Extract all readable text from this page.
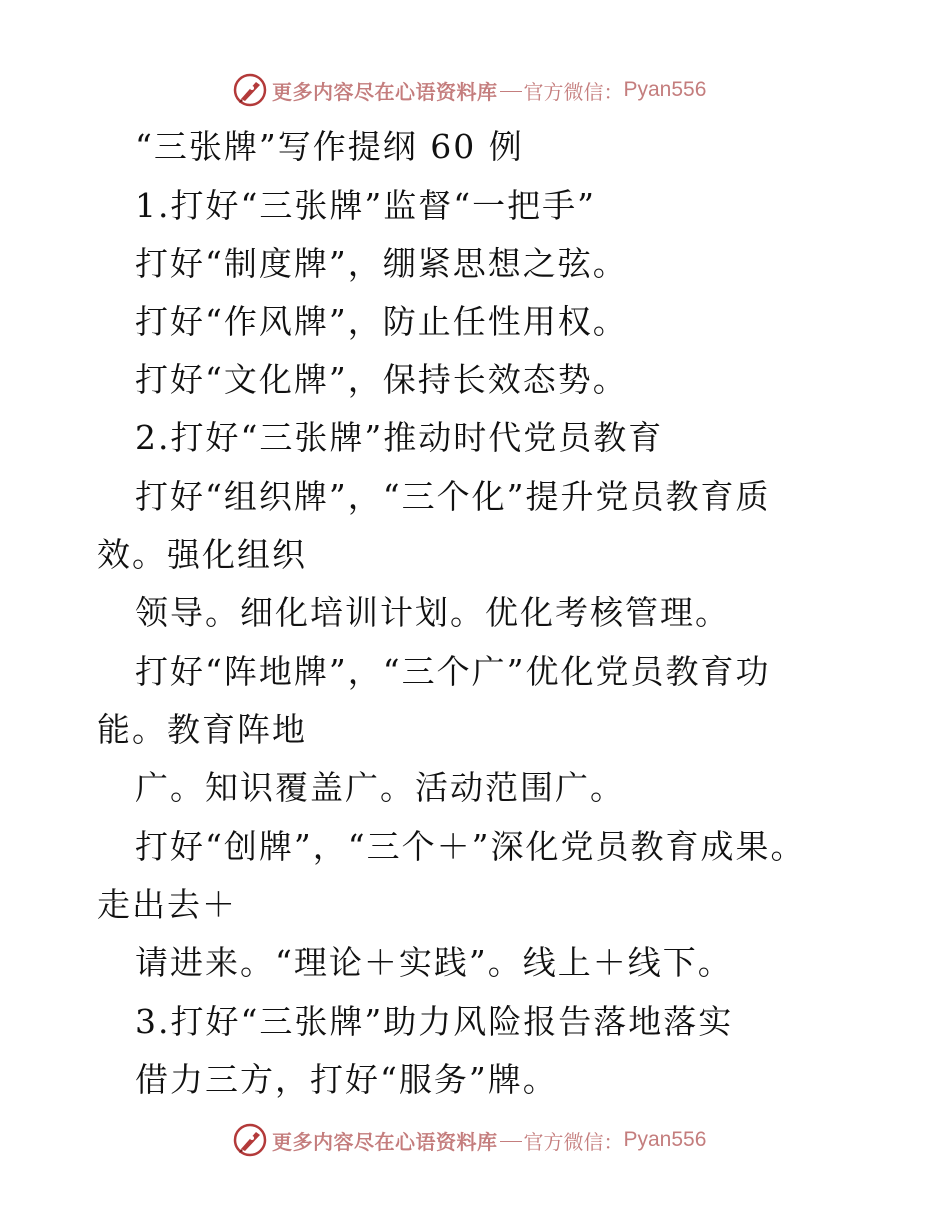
更多内容尽在心语资料库 官方微信： Pyan556
“三张牌”写作提纲 60 例
1.打好“三张牌”监督“一把手”
打好“制度牌”，绷紧思想之弦。
打好“作风牌”，防止任性用权。
打好“文化牌”，保持长效态势。
2.打好“三张牌”推动时代党员教育
打好“组织牌”，“三个化”提升党员教育质
效。强化组织
领导。细化培训计划。优化考核管理。
打好“阵地牌”，“三个广”优化党员教育功
能。教育阵地
广。知识覆盖广。活动范围广。
打好“创牌”，“三个＋”深化党员教育成果。
走出去＋
请进来。“理论＋实践”。线上＋线下。
3.打好“三张牌”助力风险报告落地落实
借力三方，打好“服务”牌。
更多内容尽在心语资料库 官方微信： Pyan556
